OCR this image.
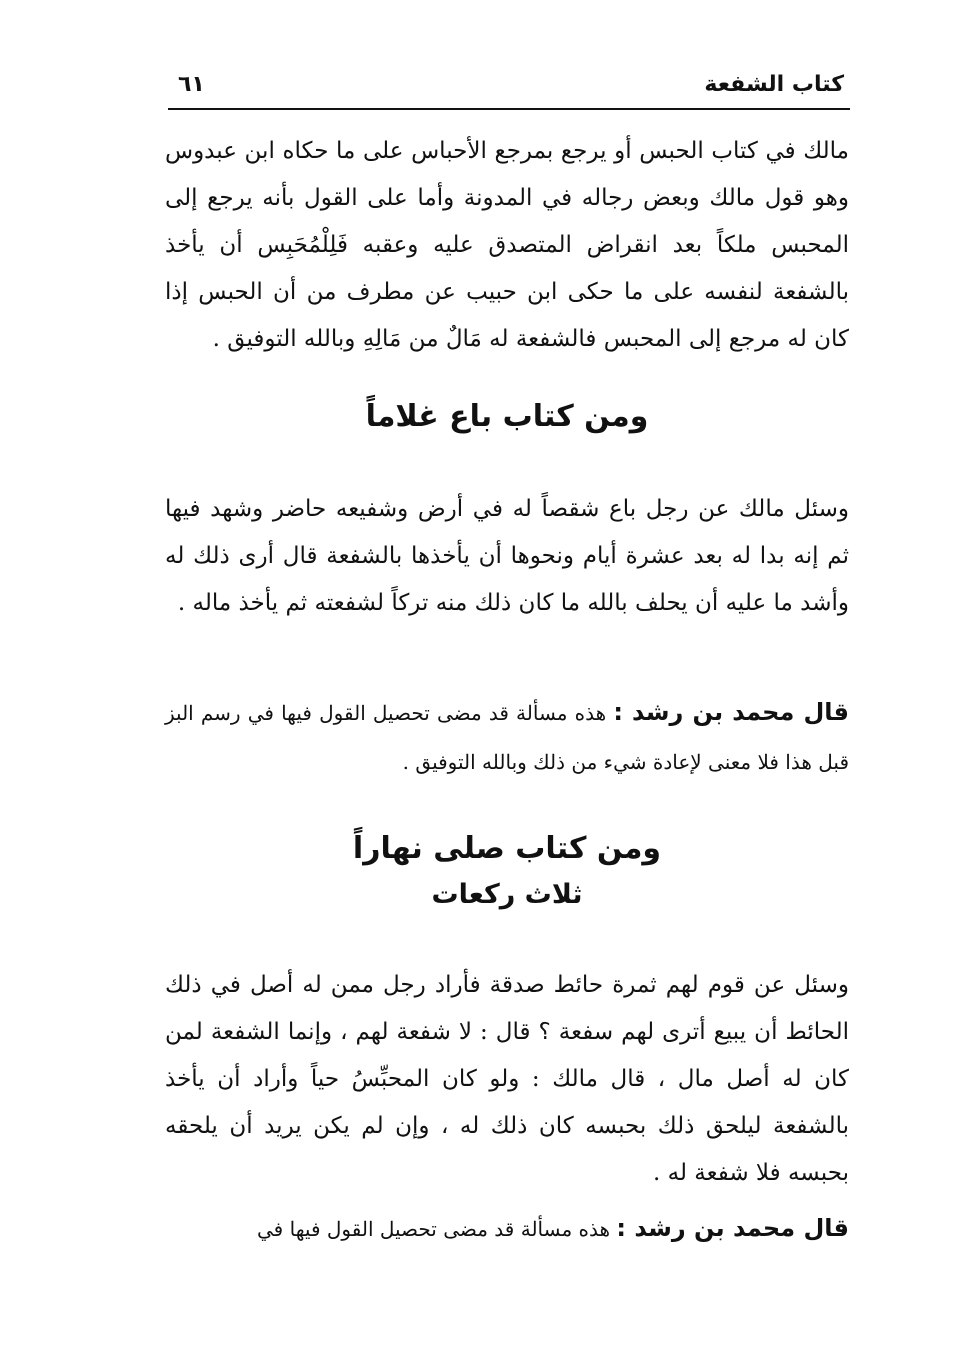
كتاب الشفعة
٦١
مالك في كتاب الحبس أو يرجع بمرجع الأحباس على ما حكاه ابن عبدوس وهو قول مالك وبعض رجاله في المدونة وأما على القول بأنه يرجع إلى المحبس ملكاً بعد انقراض المتصدق عليه وعقبه فَلِلْمُحَبِس أن يأخذ بالشفعة لنفسه على ما حكى ابن حبيب عن مطرف من أن الحبس إذا كان له مرجع إلى المحبس فالشفعة له مَالٌ من مَالِهِ وبالله التوفيق .
ومن كتاب باع غلاماً
وسئل مالك عن رجل باع شقصاً له في أرض وشفيعه حاضر وشهد فيها ثم إنه بدا له بعد عشرة أيام ونحوها أن يأخذها بالشفعة قال أرى ذلك له وأشد ما عليه أن يحلف بالله ما كان ذلك منه تركاً لشفعته ثم يأخذ ماله .
قال محمد بن رشد : هذه مسألة قد مضى تحصيل القول فيها في رسم البز قبل هذا فلا معنى لإعادة شيء من ذلك وبالله التوفيق .
ومن كتاب صلى نهاراً
ثلاث ركعات
وسئل عن قوم لهم ثمرة حائط صدقة فأراد رجل ممن له أصل في ذلك الحائط أن يبيع أترى لهم سفعة ؟ قال : لا شفعة لهم ، وإنما الشفعة لمن كان له أصل مال ، قال مالك : ولو كان المحبِّسُ حياً وأراد أن يأخذ بالشفعة ليلحق ذلك بحبسه كان ذلك له ، وإن لم يكن يريد أن يلحقه بحبسه فلا شفعة له .
قال محمد بن رشد : هذه مسألة قد مضى تحصيل القول فيها في
